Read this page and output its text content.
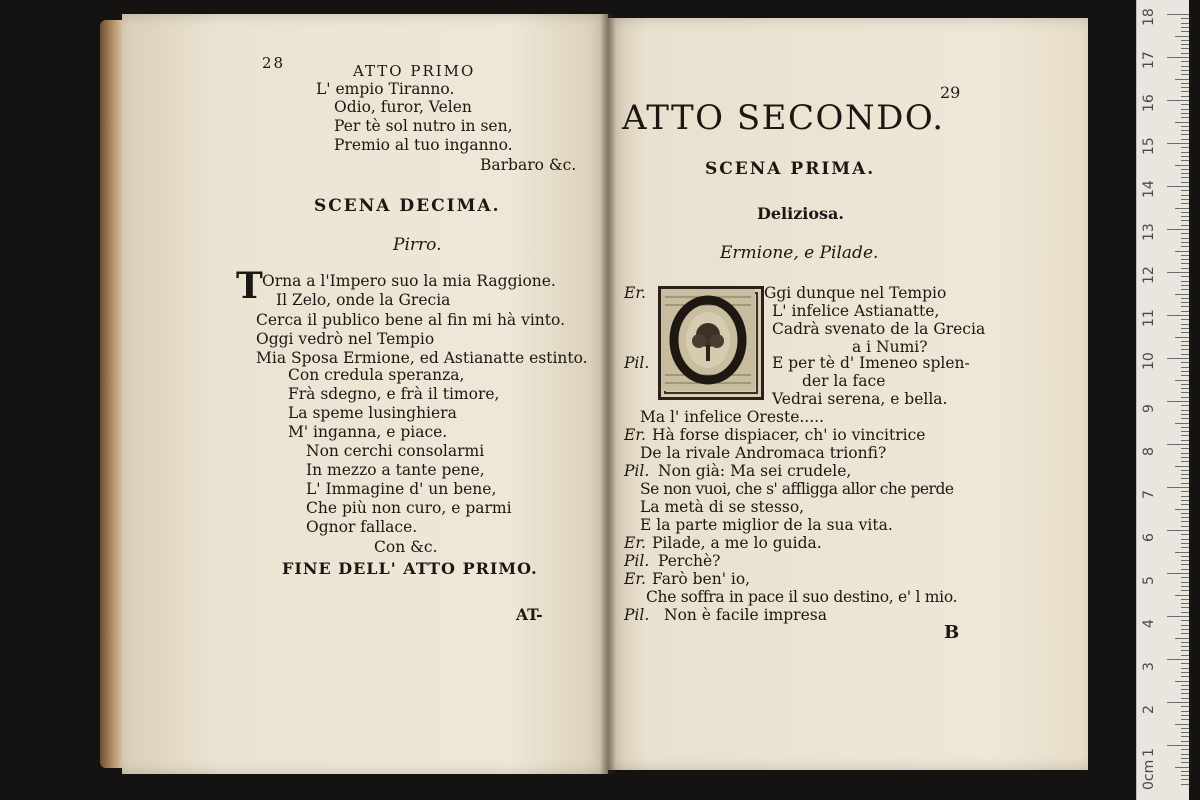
28	ATTO PRIMO
L' empio Tiranno.
Odio, furor, Velen
Per tè sol nutro in sen,
Premio al tuo inganno.
Barbaro &c.
SCENA DECIMA.
Pirro.
T Orna a l'Impero suo la mia Raggione.
Il Zelo, onde la Grecia
Cerca il publico bene al fin mi hà vinto.
Oggi vedrò nel Tempio
Mia Sposa Ermione, ed Astianatte estinto.
Con credula speranza,
Frà sdegno, e frà il timore,
La speme lusinghiera
M' inganna, e piace.
Non cerchi consolarmi
In mezzo a tante pene,
L' Immagine d' un bene,
Che più non curo, e parmi
Ognor fallace.
Con &c.
FINE DELL' ATTO PRIMO.
AT-
29
ATTO SECONDO.
SCENA PRIMA.
Deliziosa.
Ermione, e Pilade.
Er.	Ggi dunque nel Tempio
L' infelice Astianatte,
Cadrà svenato de la Grecia
a i Numi?
Pil.	E per tè d' Imeneo splen-
der la face
Vedrai serena, e bella.
Ma l' infelice Oreste.....
Er. Hà forse dispiacer, ch' io vincitrice
De la rivale Andromaca trionfi?
Pil. Non già: Ma sei crudele,
Se non vuoi, che s' affligga allor che perde
La metà di se stesso,
E la parte miglior de la sua vita.
Er. Pilade, a me lo guida.
Pil. Perchè?
Er. Farò ben' io,
Che soffra in pace il suo destino, e' l mio.
Pil. Non è facile impresa
B
18
17
16
15
14
13
12
11
10
9
8
7
6
5
4
3
2
1
0cm
